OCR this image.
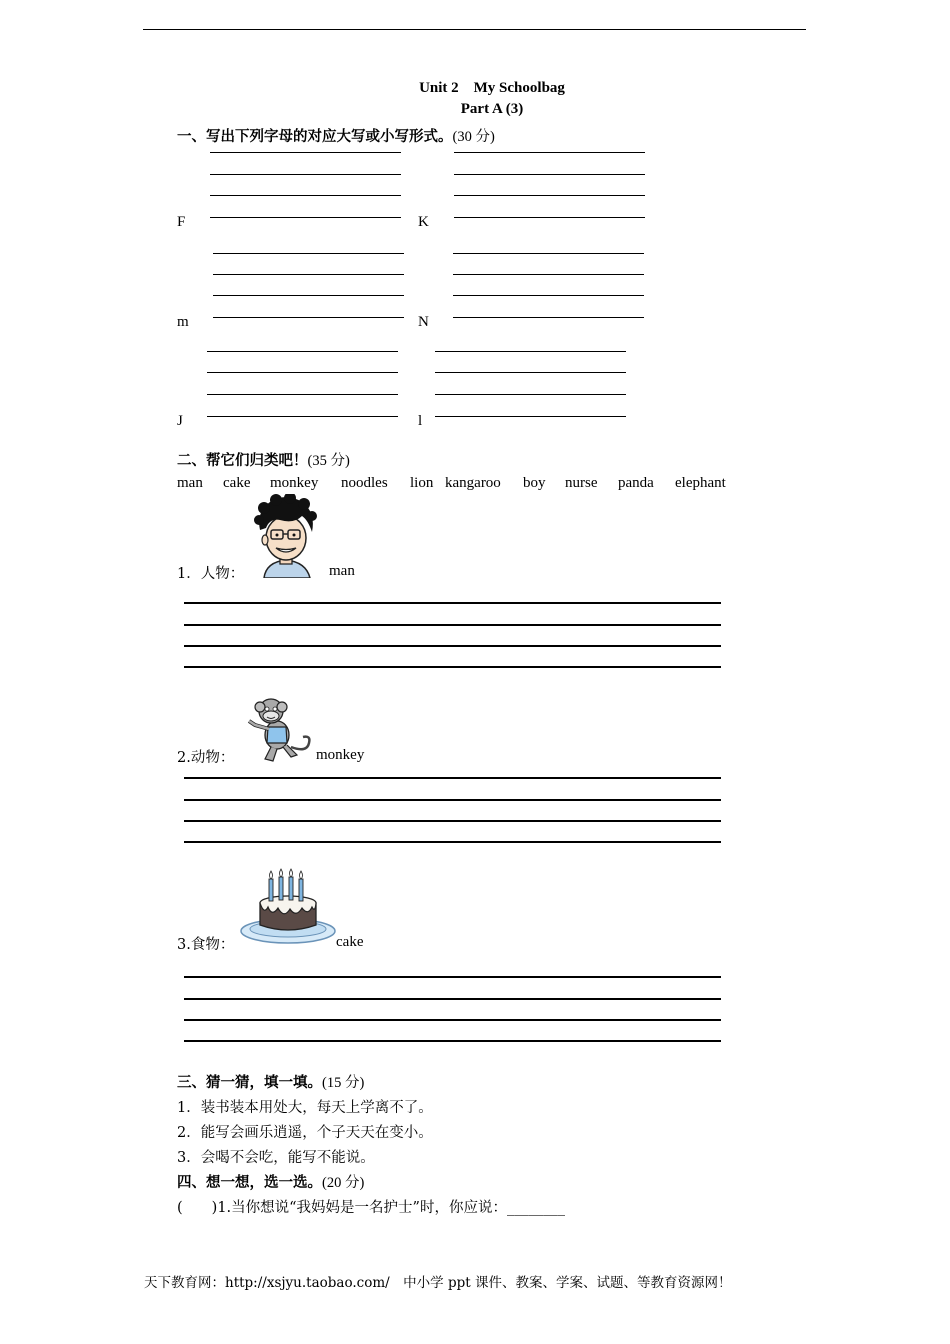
Unit 2　My Schoolbag
Part A (3)
一、写出下列字母的对应大写或小写形式。(30 分)
F	K
m	N
J	l
二、帮它们归类吧！(35 分)
man cake monkey noodles lion kangaroo boy nurse panda elephant
1．人物：	man
2.动物：	monkey
3.食物：	cake
三、猜一猜，填一填。(15 分)
1．装书装本用处大，每天上学离不了。
2．能写会画乐逍遥，个子天天在变小。
3．会喝不会吃，能写不能说。
四、想一想，选一选。(20 分)
(　　)1.当你想说“我妈妈是一名护士”时，你应说：________
天下教育网：http://xsjyu.taobao.com/　中小学 ppt 课件、教案、学案、试题、等教育资源网！
